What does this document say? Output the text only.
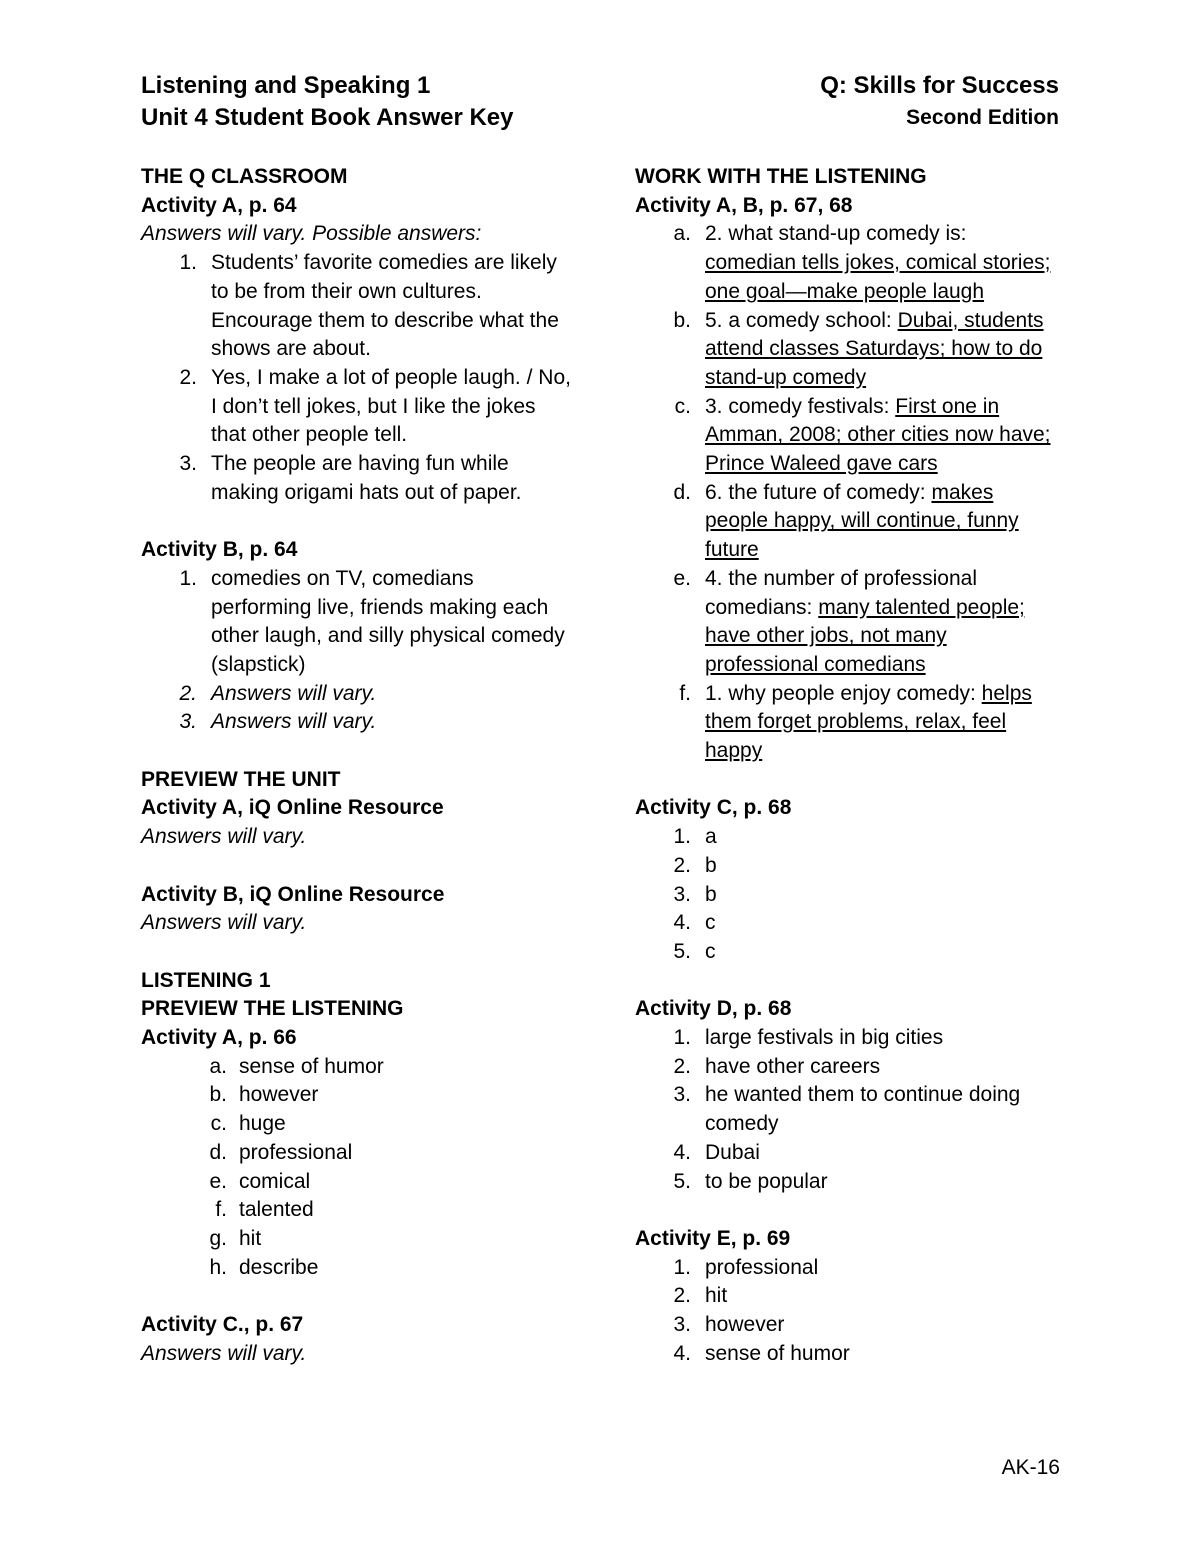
Listening and Speaking 1
Unit 4 Student Book Answer Key
Q: Skills for Success
Second Edition
THE Q CLASSROOM
Activity A, p. 64
Answers will vary. Possible answers:
1. Students’ favorite comedies are likely to be from their own cultures. Encourage them to describe what the shows are about.
2. Yes, I make a lot of people laugh. / No, I don’t tell jokes, but I like the jokes that other people tell.
3. The people are having fun while making origami hats out of paper.
Activity B, p. 64
1. comedies on TV, comedians performing live, friends making each other laugh, and silly physical comedy (slapstick)
2. Answers will vary.
3. Answers will vary.
PREVIEW THE UNIT
Activity A, iQ Online Resource
Answers will vary.
Activity B, iQ Online Resource
Answers will vary.
LISTENING 1
PREVIEW THE LISTENING
Activity A, p. 66
a. sense of humor
b. however
c. huge
d. professional
e. comical
f. talented
g. hit
h. describe
Activity C., p. 67
Answers will vary.
WORK WITH THE LISTENING
Activity A, B, p. 67, 68
a. 2. what stand-up comedy is: comedian tells jokes, comical stories; one goal—make people laugh
b. 5. a comedy school: Dubai, students attend classes Saturdays; how to do stand-up comedy
c. 3. comedy festivals: First one in Amman, 2008; other cities now have; Prince Waleed gave cars
d. 6. the future of comedy: makes people happy, will continue, funny future
e. 4. the number of professional comedians: many talented people; have other jobs, not many professional comedians
f. 1. why people enjoy comedy: helps them forget problems, relax, feel happy
Activity C, p. 68
1. a
2. b
3. b
4. c
5. c
Activity D, p. 68
1. large festivals in big cities
2. have other careers
3. he wanted them to continue doing comedy
4. Dubai
5. to be popular
Activity E, p. 69
1. professional
2. hit
3. however
4. sense of humor
AK-16
